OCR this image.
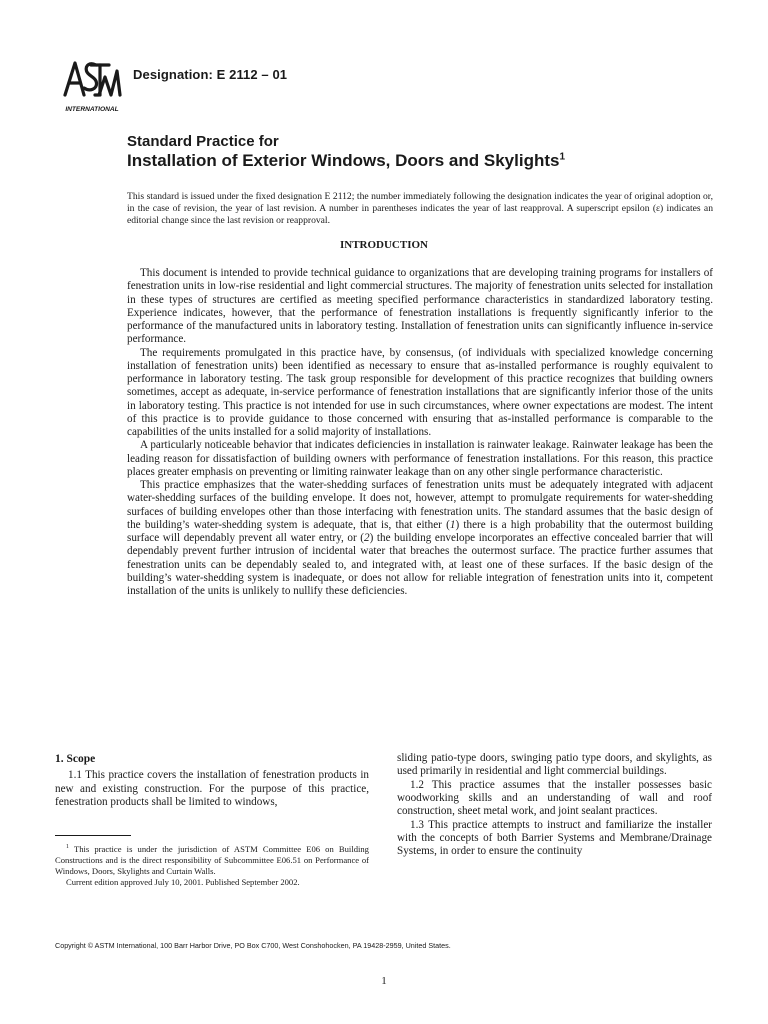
INTERNATIONAL
Designation: E 2112 – 01
Standard Practice for
Installation of Exterior Windows, Doors and Skylights$^1$
This standard is issued under the fixed designation E 2112; the number immediately following the designation indicates the year of original adoption or, in the case of revision, the year of last revision. A number in parentheses indicates the year of last reapproval. A superscript epsilon (ε) indicates an editorial change since the last revision or reapproval.
INTRODUCTION

This document is intended to provide technical guidance to organizations that are developing training programs for installers of fenestration units in low-rise residential and light commercial structures. The majority of fenestration units selected for installation in these types of structures are certified as meeting specified performance characteristics in standardized laboratory testing. Experience indicates, however, that the performance of fenestration installations is frequently significantly inferior to the performance of the manufactured units in laboratory testing. Installation of fenestration units can significantly influence in-service performance.

The requirements promulgated in this practice have, by consensus, (of individuals with specialized knowledge concerning installation of fenestration units) been identified as necessary to ensure that as-installed performance is roughly equivalent to performance in laboratory testing. The task group responsible for development of this practice recognizes that building owners sometimes, accept as adequate, in-service performance of fenestration installations that are significantly inferior those of the units in laboratory testing. This practice is not intended for use in such circumstances, where owner expectations are modest. The intent of this practice is to provide guidance to those concerned with ensuring that as-installed performance is comparable to the capabilities of the units installed for a solid majority of installations.

A particularly noticeable behavior that indicates deficiencies in installation is rainwater leakage. Rainwater leakage has been the leading reason for dissatisfaction of building owners with performance of fenestration installations. For this reason, this practice places greater emphasis on preventing or limiting rainwater leakage than on any other single performance characteristic.

This practice emphasizes that the water-shedding surfaces of fenestration units must be adequately integrated with adjacent water-shedding surfaces of the building envelope. It does not, however, attempt to promulgate requirements for water-shedding surfaces of building envelopes other than those interfacing with fenestration units. The standard assumes that the basic design of the building’s water-shedding system is adequate, that is, that either (1) there is a high probability that the outermost building surface will dependably prevent all water entry, or (2) the building envelope incorporates an effective concealed barrier that will dependably prevent further intrusion of incidental water that breaches the outermost surface. The practice further assumes that fenestration units can be dependably sealed to, and integrated with, at least one of these surfaces. If the basic design of the building’s water-shedding system is inadequate, or does not allow for reliable integration of fenestration units into it, competent installation of the units is unlikely to nullify these deficiencies.

1. Scope

1.1 This practice covers the installation of fenestration products in new and existing construction. For the purpose of this practice, fenestration products shall be limited to windows,

sliding patio-type doors, swinging patio type doors, and skylights, as used primarily in residential and light commercial buildings.

1.2 This practice assumes that the installer possesses basic woodworking skills and an understanding of wall and roof construction, sheet metal work, and joint sealant practices.

1.3 This practice attempts to instruct and familiarize the installer with the concepts of both Barrier Systems and Membrane/Drainage Systems, in order to ensure the continuity

$^1$ This practice is under the jurisdiction of ASTM Committee E06 on Building Constructions and is the direct responsibility of Subcommittee E06.51 on Performance of Windows, Doors, Skylights and Curtain Walls.

Current edition approved July 10, 2001. Published September 2002.

Copyright © ASTM International, 100 Barr Harbor Drive, PO Box C700, West Conshohocken, PA 19428-2959, United States.
1
